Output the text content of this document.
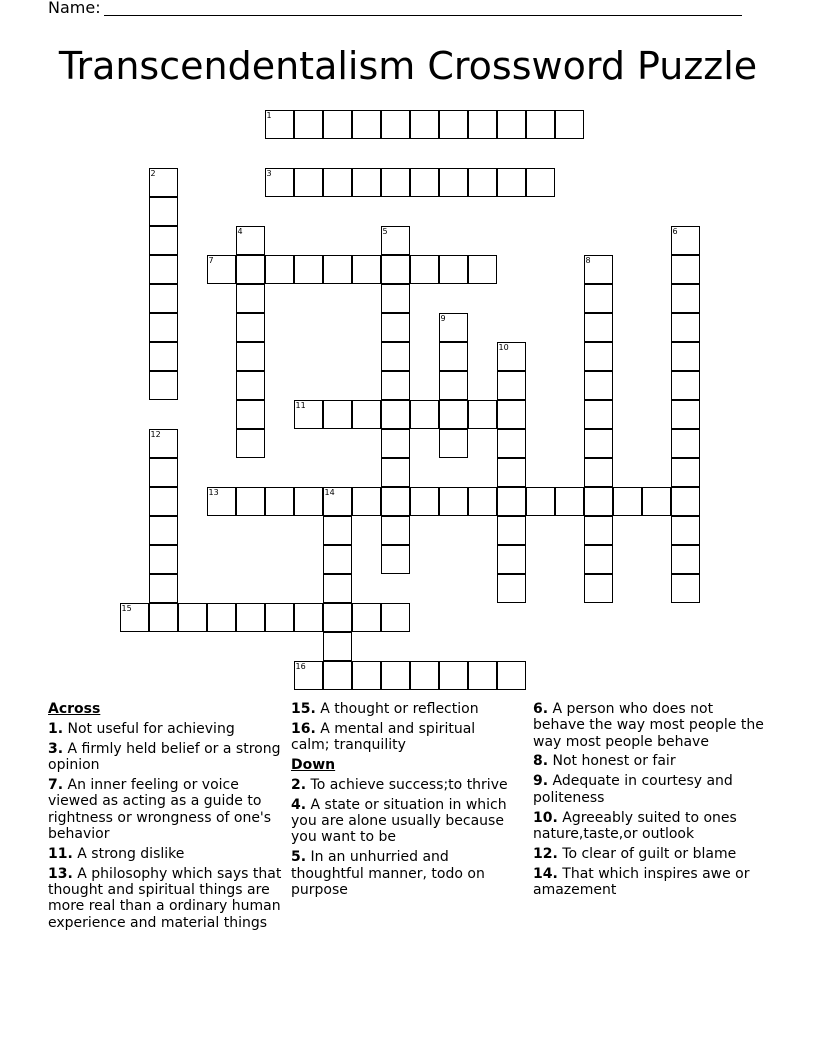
Name:
Transcendentalism Crossword Puzzle
1
3
7
11
13	14
15
16
2
4	5	6
8
9
10
12
Across
1. Not useful for achieving
3. A firmly held belief or a strong opinion
7. An inner feeling or voice viewed as acting as a guide to rightness or wrongness of one's behavior
11. A strong dislike
13. A philosophy which says that thought and spiritual things are more real than a ordinary human experience and material things
15. A thought or reflection
16. A mental and spiritual calm; tranquility
Down
2. To achieve success;to thrive
4. A state or situation in which you are alone usually because you want to be
5. In an unhurried and thoughtful manner, todo on purpose
6. A person who does not behave the way most people the way most people behave
8. Not honest or fair
9. Adequate in courtesy and politeness
10. Agreeably suited to ones nature,taste,or outlook
12. To clear of guilt or blame
14. That which inspires awe or amazement
